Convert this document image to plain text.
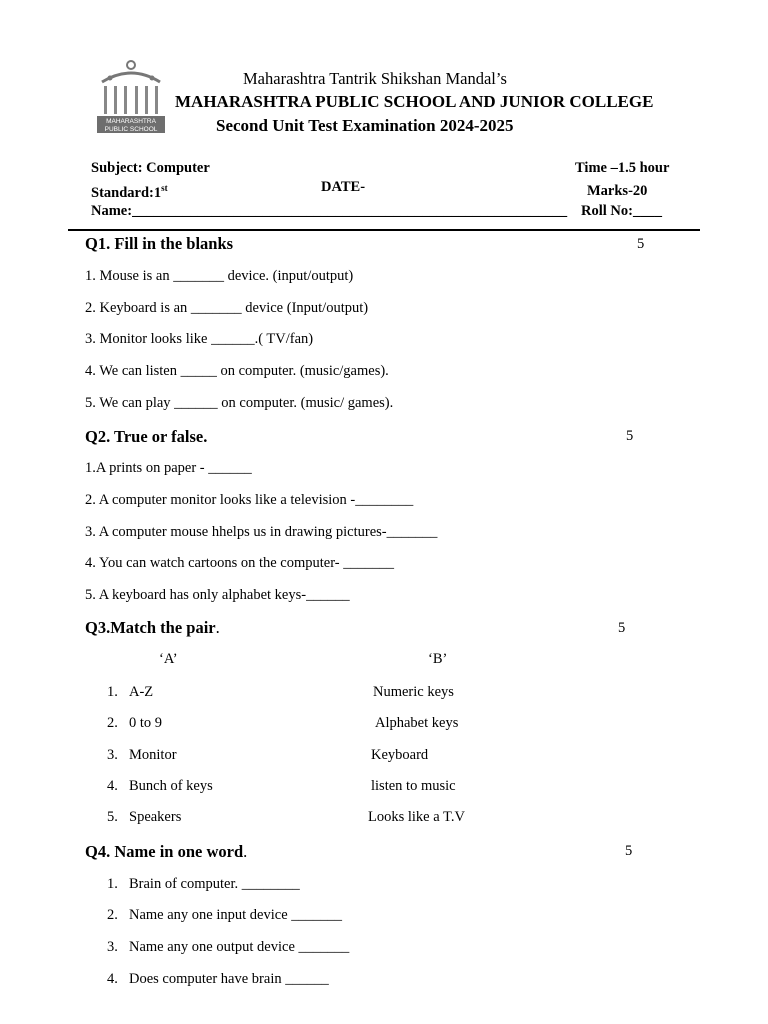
MAHARASHTRA
PUBLIC SCHOOL
Maharashtra Tantrik Shikshan Mandal’s
MAHARASHTRA PUBLIC SCHOOL AND JUNIOR COLLEGE
Second Unit Test Examination 2024-2025
Subject: Computer
Standard:1st	DATE-
Time –1.5 hour
Marks-20
Name:____________________________________________________________ Roll No:____
Q1. Fill in the blanks	5
1. Mouse is an _______ device. (input/output)
2. Keyboard is an _______ device (Input/output)
3. Monitor looks like ______.( TV/fan)
4. We can listen _____ on computer. (music/games).
5. We can play ______ on computer. (music/ games).
Q2. True or false.	5
1.A prints on paper - ______
2. A computer monitor looks like a television -________
3. A computer mouse hhelps us in drawing pictures-_______
4. You can watch cartoons on the computer- _______
5. A keyboard has only alphabet keys-______
Q3.Match the pair.	5
‘A’	‘B’
1. A-Z	Numeric keys
2. 0 to 9	Alphabet keys
3. Monitor	Keyboard
4. Bunch of keys	listen to music
5. Speakers	Looks like a T.V
Q4. Name in one word.	5
1. Brain of computer. ________
2. Name any one input device _______
3. Name any one output device _______
4. Does computer have brain ______
